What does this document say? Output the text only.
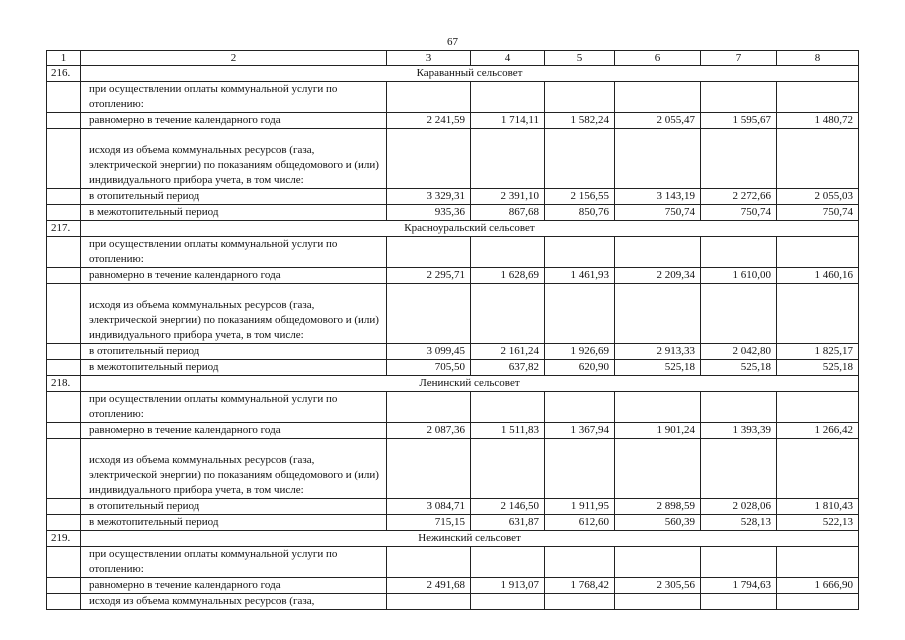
67
1	2	3	4	5	6	7	8
216.	Караванный сельсовет						
	при осуществлении оплаты коммунальной услуги по отоплению:						
	равномерно в течение календарного года	2 241,59	1 714,11	1 582,24	2 055,47	1 595,67	1 480,72
	исходя из объема коммунальных ресурсов (газа, электрической энергии) по показаниям общедомового и (или) индивидуального прибора учета, в том числе:						
	в отопительный период	3 329,31	2 391,10	2 156,55	3 143,19	2 272,66	2 055,03
	в межотопительный период	935,36	867,68	850,76	750,74	750,74	750,74
217.	Красноуральский сельсовет						
	при осуществлении оплаты коммунальной услуги по отоплению:						
	равномерно в течение календарного года	2 295,71	1 628,69	1 461,93	2 209,34	1 610,00	1 460,16
	исходя из объема коммунальных ресурсов (газа, электрической энергии) по показаниям общедомового и (или) индивидуального прибора учета, в том числе:						
	в отопительный период	3 099,45	2 161,24	1 926,69	2 913,33	2 042,80	1 825,17
	в межотопительный период	705,50	637,82	620,90	525,18	525,18	525,18
218.	Ленинский сельсовет						
	при осуществлении оплаты коммунальной услуги по отоплению:						
	равномерно в течение календарного года	2 087,36	1 511,83	1 367,94	1 901,24	1 393,39	1 266,42
	исходя из объема коммунальных ресурсов (газа, электрической энергии) по показаниям общедомового и (или) индивидуального прибора учета, в том числе:						
	в отопительный период	3 084,71	2 146,50	1 911,95	2 898,59	2 028,06	1 810,43
	в межотопительный период	715,15	631,87	612,60	560,39	528,13	522,13
219.	Нежинский сельсовет						
	при осуществлении оплаты коммунальной услуги по отоплению:						
	равномерно в течение календарного года	2 491,68	1 913,07	1 768,42	2 305,56	1 794,63	1 666,90
	исходя из объема коммунальных ресурсов (газа,						
